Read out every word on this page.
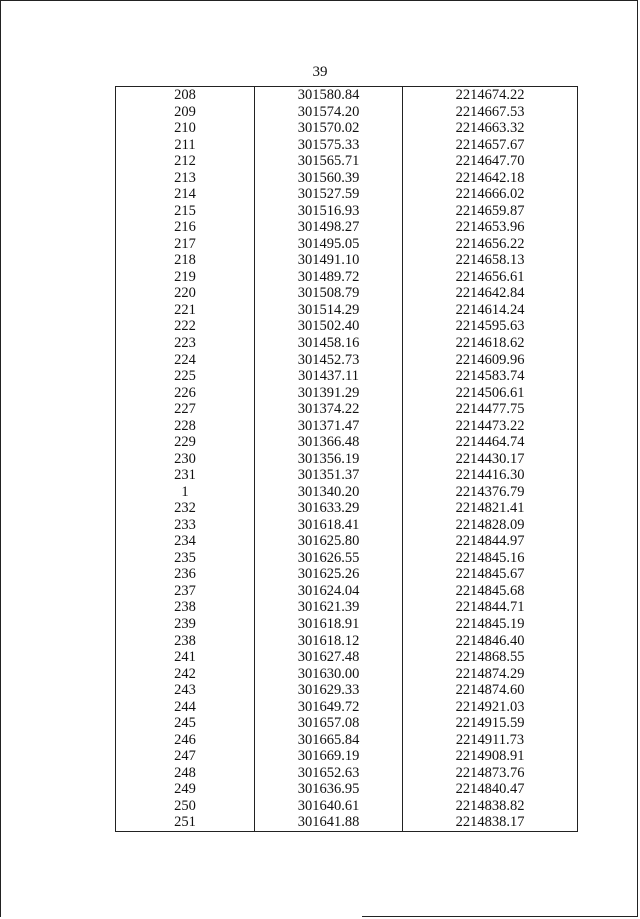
39
208	301580.84	2214674.22
209	301574.20	2214667.53
210	301570.02	2214663.32
211	301575.33	2214657.67
212	301565.71	2214647.70
213	301560.39	2214642.18
214	301527.59	2214666.02
215	301516.93	2214659.87
216	301498.27	2214653.96
217	301495.05	2214656.22
218	301491.10	2214658.13
219	301489.72	2214656.61
220	301508.79	2214642.84
221	301514.29	2214614.24
222	301502.40	2214595.63
223	301458.16	2214618.62
224	301452.73	2214609.96
225	301437.11	2214583.74
226	301391.29	2214506.61
227	301374.22	2214477.75
228	301371.47	2214473.22
229	301366.48	2214464.74
230	301356.19	2214430.17
231	301351.37	2214416.30
1	301340.20	2214376.79
232	301633.29	2214821.41
233	301618.41	2214828.09
234	301625.80	2214844.97
235	301626.55	2214845.16
236	301625.26	2214845.67
237	301624.04	2214845.68
238	301621.39	2214844.71
239	301618.91	2214845.19
238	301618.12	2214846.40
241	301627.48	2214868.55
242	301630.00	2214874.29
243	301629.33	2214874.60
244	301649.72	2214921.03
245	301657.08	2214915.59
246	301665.84	2214911.73
247	301669.19	2214908.91
248	301652.63	2214873.76
249	301636.95	2214840.47
250	301640.61	2214838.82
251	301641.88	2214838.17
